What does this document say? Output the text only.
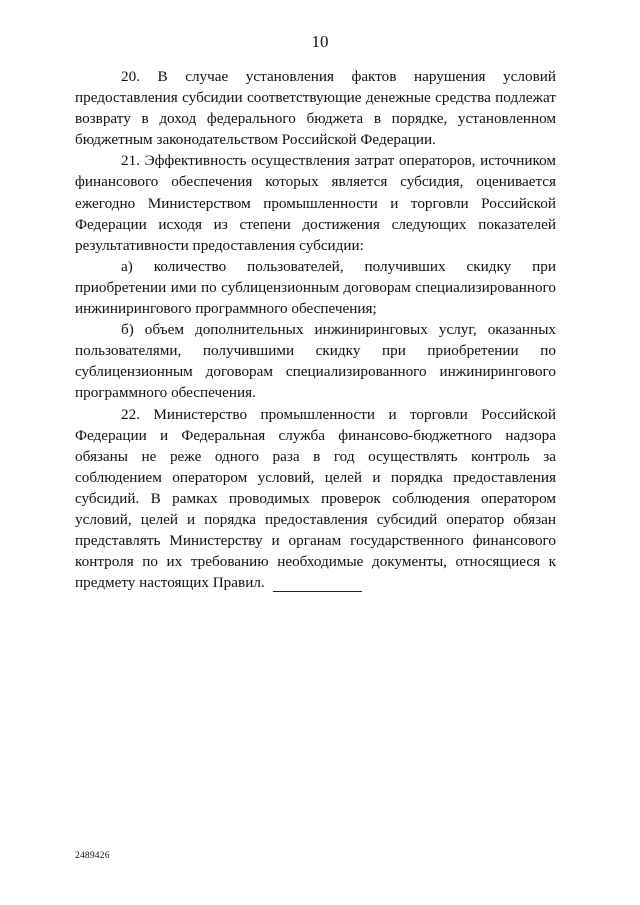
10

20. В случае установления фактов нарушения условий предоставления субсидии соответствующие денежные средства подлежат возврату в доход федерального бюджета в порядке, установленном бюджетным законодательством Российской Федерации.

21. Эффективность осуществления затрат операторов, источником финансового обеспечения которых является субсидия, оценивается ежегодно Министерством промышленности и торговли Российской Федерации исходя из степени достижения следующих показателей результативности предоставления субсидии:

а) количество пользователей, получивших скидку при приобретении ими по сублицензионным договорам специализированного инжинирингового программного обеспечения;

б) объем дополнительных инжиниринговых услуг, оказанных пользователями, получившими скидку при приобретении по сублицензионным договорам специализированного инжинирингового программного обеспечения.

22. Министерство промышленности и торговли Российской Федерации и Федеральная служба финансово-бюджетного надзора обязаны не реже одного раза в год осуществлять контроль за соблюдением оператором условий, целей и порядка предоставления субсидий. В рамках проводимых проверок соблюдения оператором условий, целей и порядка предоставления субсидий оператор обязан представлять Министерству и органам государственного финансового контроля по их требованию необходимые документы, относящиеся к предмету настоящих Правил.

2489426
